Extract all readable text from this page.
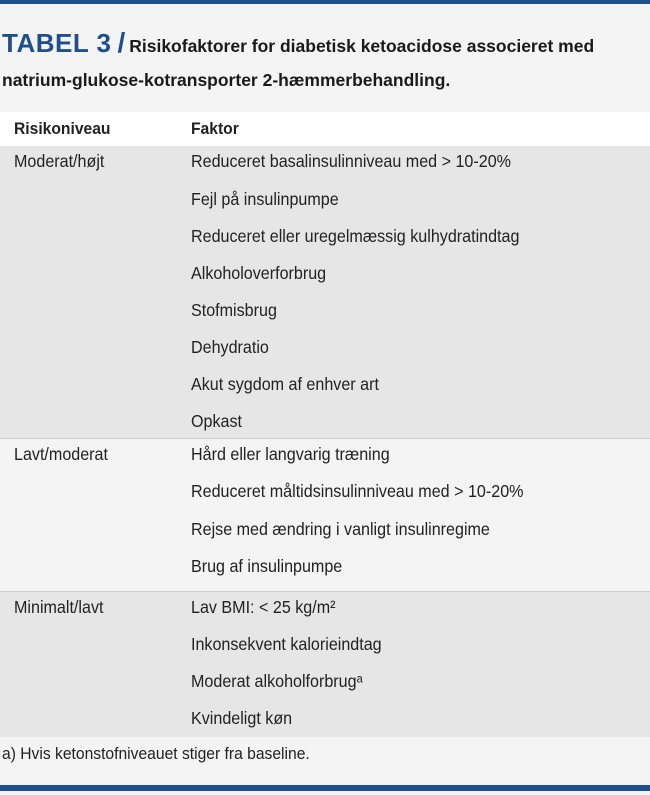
TABEL 3 / Risikofaktorer for diabetisk ketoacidose associeret med natrium-glukose-kotransporter 2-hæmmerbehandling.
Risikoniveau	Faktor
Moderat/højt	Reduceret basalinsulinniveau med > 10-20%
Fejl på insulinpumpe
Reduceret eller uregelmæssig kulhydratindtag
Alkoholoverforbrug
Stofmisbrug
Dehydratio
Akut sygdom af enhver art
Opkast
Lavt/moderat	Hård eller langvarig træning
Reduceret måltidsinsulinniveau med > 10-20%
Rejse med ændring i vanligt insulinregime
Brug af insulinpumpe
Minimalt/lavt	Lav BMI: < 25 kg/m²
Inkonsekvent kalorieindtag
Moderat alkoholforbrugᵃ
Kvindeligt køn
a) Hvis ketonstofniveauet stiger fra baseline.
